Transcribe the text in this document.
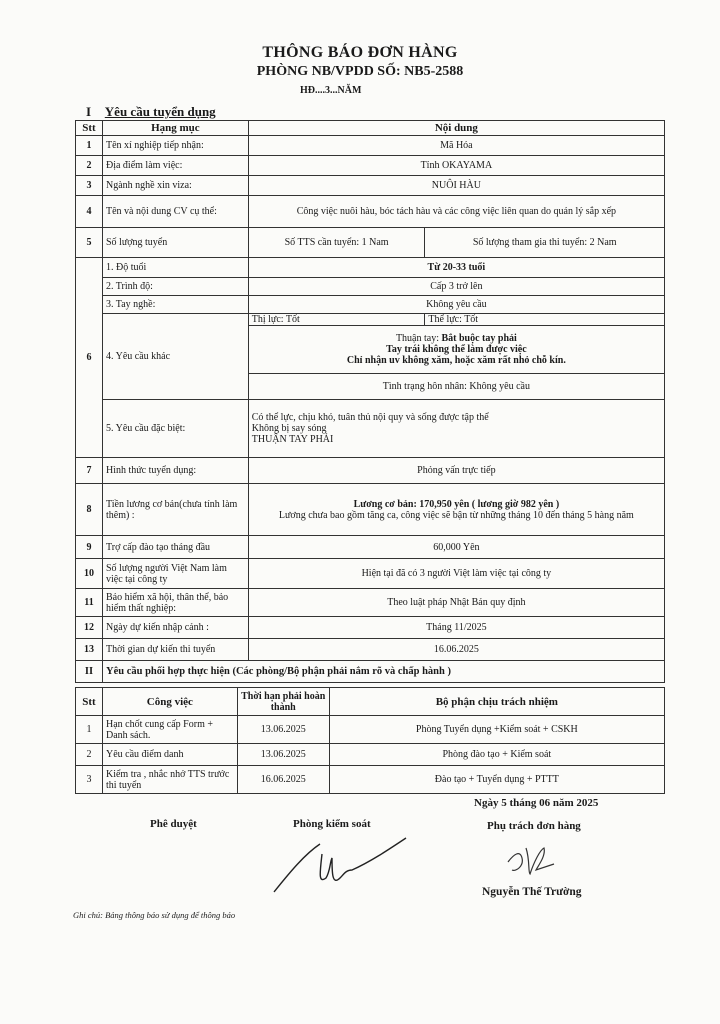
THÔNG BÁO ĐƠN HÀNG
PHÒNG NB/VPDD SỐ: NB5-2588
HĐ....3...NĂM
I Yêu cầu tuyển dụng
Stt	Hạng mục	Nội dung	
1	Tên xí nghiệp tiếp nhận:	Mã Hóa	
2	Địa điểm làm việc:	Tỉnh OKAYAMA	
3	Ngành nghề xin viza:	NUÔI HÀU	
4	Tên và nội dung CV cụ thể:	Công việc nuôi hàu, bóc tách hàu và các công việc liên quan do quản lý sắp xếp	
5	Số lượng tuyển	Số TTS cần tuyển: 1 Nam	Số lượng tham gia thi tuyển: 2 Nam
6	1. Độ tuổi	Từ 20-33 tuổi	
	2. Trình độ:	Cấp 3 trở lên	
	3. Tay nghề:	Không yêu cầu	
	4. Yêu cầu khác	Thị lực: Tốt	Thể lực: Tốt

		Thuận tay: Bắt buộc tay phải
Tay trái không thể làm được việc
Chỉ nhận uv không xăm, hoặc xăm rất nhỏ chỗ kín.	

		Tình trạng hôn nhân: Không yêu cầu	
	5. Yêu cầu đặc biệt:	Có thể lực, chịu khó, tuân thủ nội quy và sống được tập thể
Không bị say sóng
THUẬN TAY PHẢI	

7	Hình thức tuyển dụng:	Phỏng vấn trực tiếp	
8	Tiền lương cơ bản(chưa tính làm thêm) :	Lương cơ bản: 170,950 yên ( lương giờ 982 yên )
Lương chưa bao gồm tăng ca, công việc sẽ bận từ những tháng 10 đến tháng 5 hàng năm	

9	Trợ cấp đào tạo tháng đầu	60,000 Yên	
10	Số lượng người Việt Nam làm việc tại công ty	Hiện tại đã có 3 người Việt làm việc tại công ty	
11	Bảo hiểm xã hội, thân thể, bảo hiểm thất nghiệp:	Theo luật pháp Nhật Bản quy định	
12	Ngày dự kiến nhập cảnh :	Tháng 11/2025	
13	Thời gian dự kiến thi tuyển	16.06.2025	
II	Yêu cầu phối hợp thực hiện (Các phòng/Bộ phận phải nắm rõ và chấp hành )		
Stt	Công việc	Thời hạn phải hoàn thành	Bộ phận chịu trách nhiệm
1	Hạn chốt cung cấp Form + Danh sách.	13.06.2025	Phòng Tuyển dụng +Kiểm soát + CSKH
2	Yêu cầu điểm danh	13.06.2025	Phòng đào tạo + Kiểm soát
3	Kiểm tra , nhắc nhở TTS trước thi tuyển	16.06.2025	Đào tạo + Tuyển dụng + PTTT
Ngày 5 tháng 06 năm 2025
Phê duyệt	Phòng kiểm soát	Phụ trách đơn hàng
Nguyễn Thế Trường
Ghi chú: Bảng thông báo sử dụng để thông báo
